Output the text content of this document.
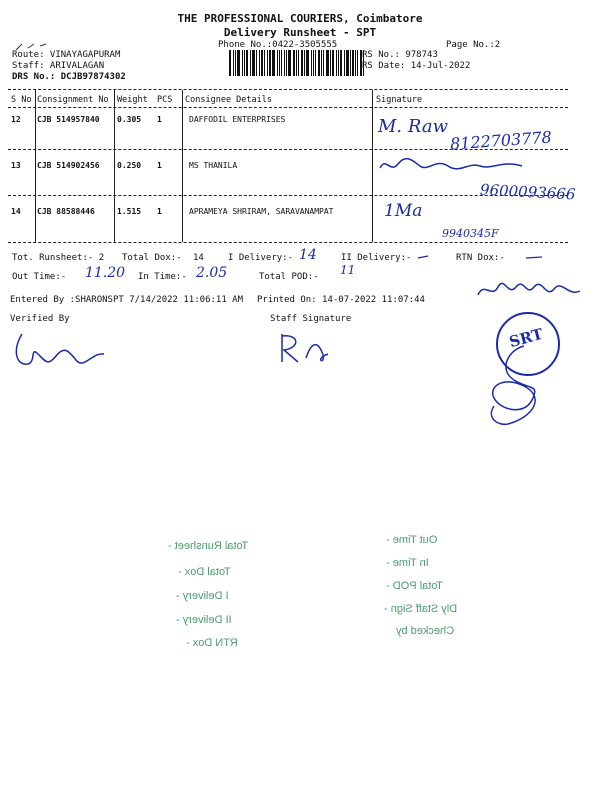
THE PROFESSIONAL COURIERS, Coimbatore
Delivery Runsheet - SPT
Phone No.:0422-3505555	Page No.:2
Route: VINAYAGAPURAM
Staff: ARIVALAGAN
DRS No.: DCJB97874302
RS No.: 978743
RS Date: 14-Jul-2022
S No Consignment No Weight PCS Consignee Details	Signature
12 CJB 514957840 0.305 1	DAFFODIL ENTERPRISES
13 CJB 514902456 0.250 1	MS THANILA
14 CJB 88588446	1.515 1	APRAMEYA SHRIRAM, SARAVANAMPAT
M. Raw
8122703778
9600093666
1Ma
9940345F
Tot. Runsheet:- 2 Total Dox:- 14	I Delivery:- 14	II Delivery:-	RTN Dox:-
Out Time:- 11.20 In Time:- 2.05	Total POD:- 11
Entered By :SHARONSPT 7/14/2022 11:06:11 AM Printed On: 14-07-2022 11:07:44
Verified By	Staff Signature
SRT
Total Runsheet -
Total Dox -
I Delivery -
II Delivery -
RTN Dox -
Out Time -
In Time -
Total POD -
Dly Staff Sign -
Checked by
